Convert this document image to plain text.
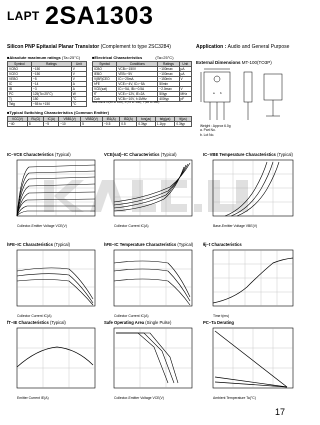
LAPT 2SA1303
Silicon PNP Epitaxial Planar Transistor (Complement to type 2SC3284)	Application : Audio and General Purpose
■Absolute maximum ratings (Ta=25°C)
Symbol	Ratings	Unit
VCBO	−150	V
VCEO	−150	V
VEBO	−5	V
IC	−14	A
IB	−3	A
PC	125(Tc=25°C)	W
Tj	150	°C
Tstg	−55 to +150	°C
■Electrical Characteristics	(Ta=25°C)
Symbol	Conditions	Ratings	Unit
ICBO	VCB=−150V	−100max	μA
IEBO	VEB=−5V	−100max	μA
V(BR)CEO	IC=−25mA	−150min	V
hFE	VCE=−4V, IC=−5A	50min	
VCE(sat)	IC=−5A, IB=−0.5A	−2.0max	V
fT	VCE=−12V, IE=2A	50typ	MHz
Cob	VCB=−10V, f=1MHz	400typ	pF
hFE Rank O(50 to 100), P(70 to 140), Y(90 to 180)
■Typical Switching Characteristics (Common Emitter)
VCC(V)	RL(Ω)	IC(A)	VBB1(V)	VBB2(V)	IB1(A)	IB2(A)	ton(μs)	tstg(μs)	tf(μs)
−40	8	−5	−10	5	−0.5	0.5	0.3typ	1.1typ	0.3typ
External Dimensions MT-100(TO3P)
a b
Weight : Approx 6.0g
a. Part No.
b. Lot No.
IC−VCE Characteristics (Typical)
Collector-Emitter Voltage VCE(V)
VCE(sat)−IC Characteristics (Typical)
Collector Current IC(A)
IC−VBE Temperature Characteristics (Typical)
Base-Emitter Voltage VBE(V)
hFE−IC Characteristics (Typical)
Collector Current IC(A)
hFE−IC Temperature Characteristics (Typical)
Collector Current IC(A)
θj−t Characteristics
Time t(ms)
fT−IE Characteristics (Typical)
Emitter Current IE(A)
Safe Operating Area (Single Pulse)
Collector-Emitter Voltage VCE(V)
PC−Ta Derating
Ambient Temperature Ta(°C)
17
